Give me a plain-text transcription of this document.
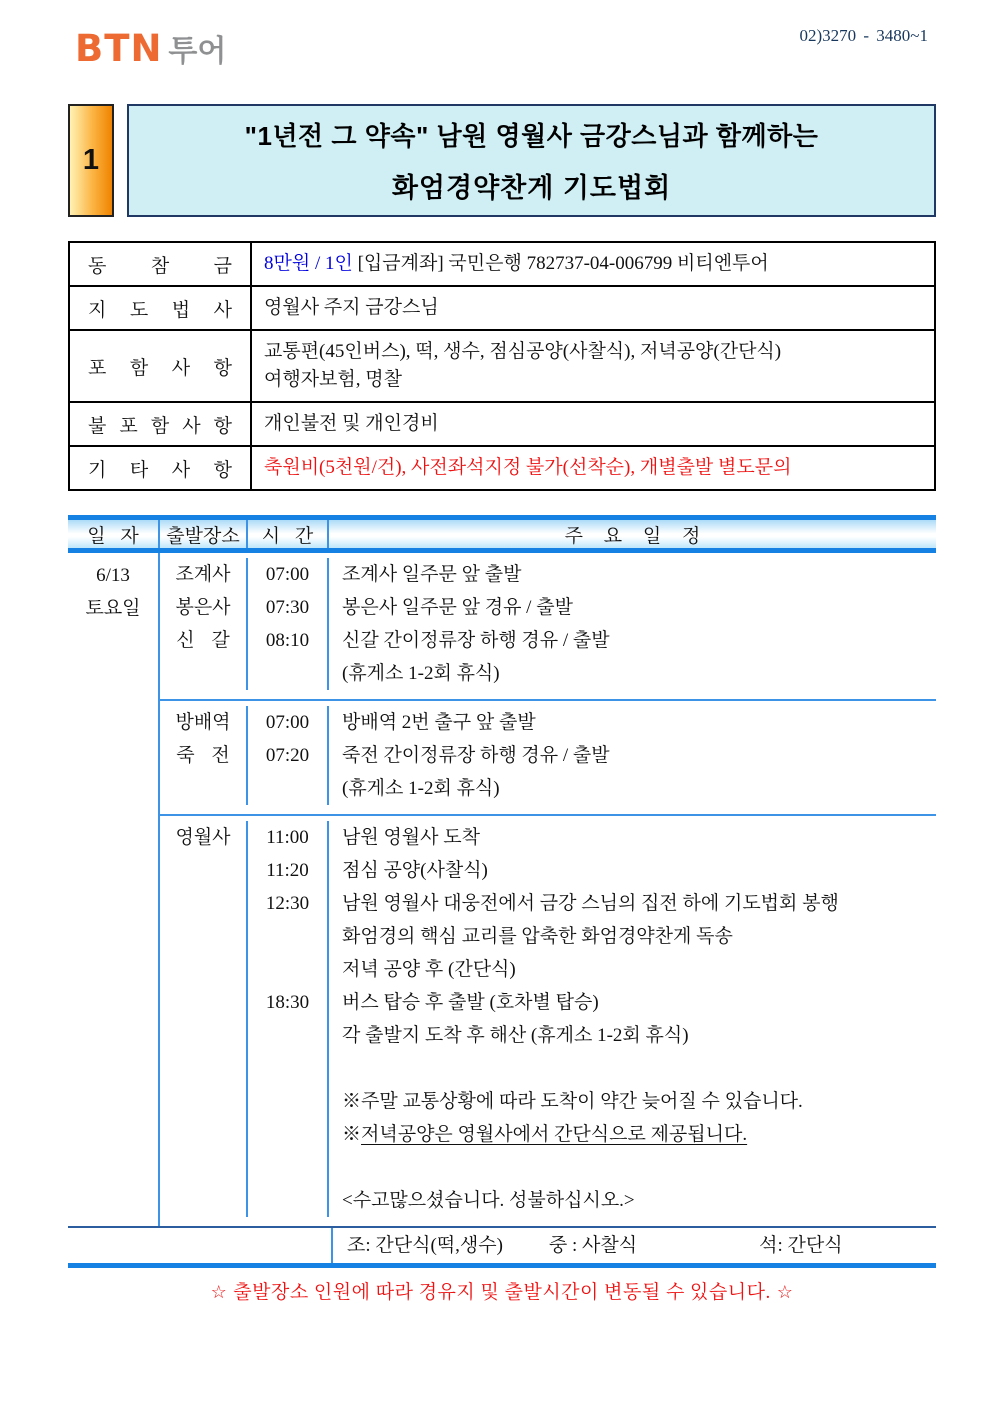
BTN 투어	02)3270 - 3480~1
1
"1년전 그 약속" 남원 영월사 금강스님과 함께하는
화엄경약찬게 기도법회
동 참 금 8만원 / 1인 [입금계좌] 국민은행 782737-04-006799 비티엔투어
지 도 법 사	영월사 주지 금강스님
포 함 사 항
교통편(45인버스), 떡, 생수, 점심공양(사찰식), 저녁공양(간단식)
여행자보험, 명찰
불 포 함 사 항	개인불전 및 개인경비
기 타 사 항	축원비(5천원/건), 사전좌석지정 불가(선착순), 개별출발 별도문의
일 자	출발장소	시 간	주 요 일 정
6/13
토요일
조계사	07:00	조계사 일주문 앞 출발
봉은사	07:30	봉은사 일주문 앞 경유 / 출발
신 갈	08:10	신갈 간이정류장 하행 경유 / 출발
(휴게소 1-2회 휴식)
방배역	07:00	방배역 2번 출구 앞 출발
죽 전	07:20	죽전 간이정류장 하행 경유 / 출발
(휴게소 1-2회 휴식)
영월사	11:00	남원 영월사 도착
11:20	점심 공양(사찰식)
12:30	남원 영월사 대웅전에서 금강 스님의 집전 하에 기도법회 봉행
화엄경의 핵심 교리를 압축한 화엄경약찬게 독송
저녁 공양 후 (간단식)
18:30	버스 탑승 후 출발 (호차별 탑승)
각 출발지 도착 후 해산 (휴게소 1-2회 휴식)
※주말 교통상황에 따라 도착이 약간 늦어질 수 있습니다.
※저녁공양은 영월사에서 간단식으로 제공됩니다.
<수고많으셨습니다. 성불하십시오.>
조: 간단식(떡,생수) 중 : 사찰식	석: 간단식
☆ 출발장소 인원에 따라 경유지 및 출발시간이 변동될 수 있습니다. ☆
